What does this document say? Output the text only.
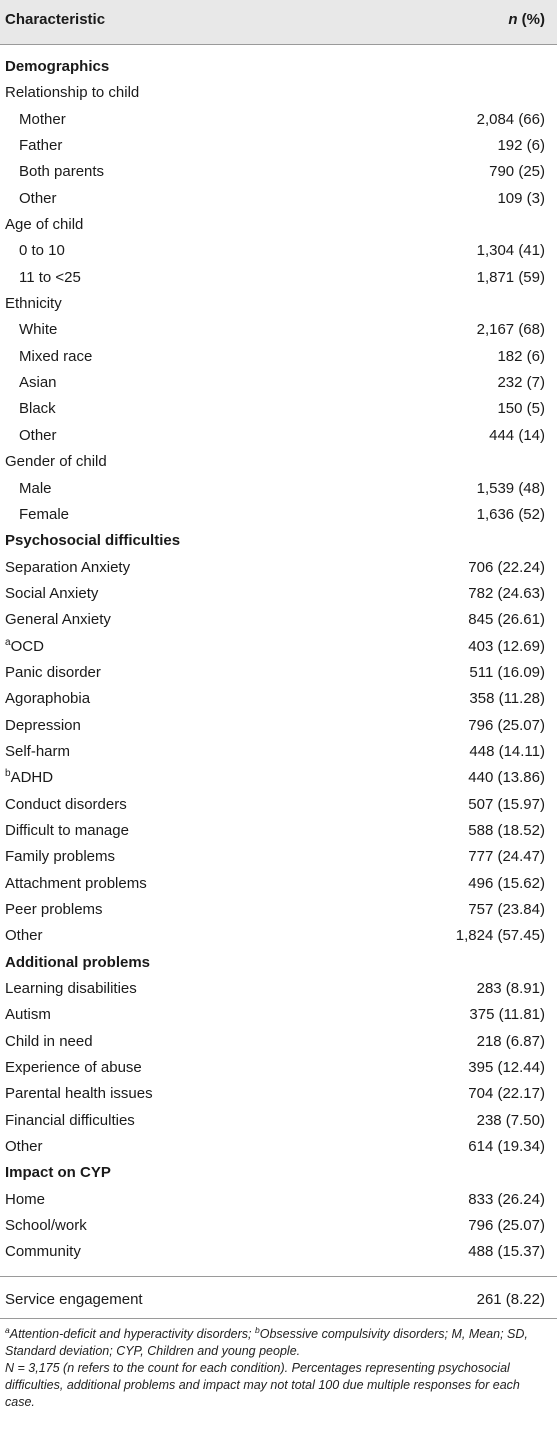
Characteristic	n (%)
Demographics
Relationship to child
Mother	2,084 (66)
Father	192 (6)
Both parents	790 (25)
Other	109 (3)
Age of child
0 to 10	1,304 (41)
11 to <25	1,871 (59)
Ethnicity
White	2,167 (68)
Mixed race	182 (6)
Asian	232 (7)
Black	150 (5)
Other	444 (14)
Gender of child
Male	1,539 (48)
Female	1,636 (52)
Psychosocial difficulties
Separation Anxiety	706 (22.24)
Social Anxiety	782 (24.63)
General Anxiety	845 (26.61)
$^a$OCD	403 (12.69)
Panic disorder	511 (16.09)
Agoraphobia	358 (11.28)
Depression	796 (25.07)
Self-harm	448 (14.11)
$^b$ADHD	440 (13.86)
Conduct disorders	507 (15.97)
Difficult to manage	588 (18.52)
Family problems	777 (24.47)
Attachment problems	496 (15.62)
Peer problems	757 (23.84)
Other	1,824 (57.45)
Additional problems
Learning disabilities	283 (8.91)
Autism	375 (11.81)
Child in need	218 (6.87)
Experience of abuse	395 (12.44)
Parental health issues	704 (22.17)
Financial difficulties	238 (7.50)
Other	614 (19.34)
Impact on CYP
Home	833 (26.24)
School/work	796 (25.07)
Community	488 (15.37)
Service engagement	261 (8.22)
$^a$Attention-deficit and hyperactivity disorders; $^b$Obsessive compulsivity disorders; M, Mean; SD, Standard deviation; CYP, Children and young people.
N = 3,175 (n refers to the count for each condition). Percentages representing psychosocial difficulties, additional problems and impact may not total 100 due multiple responses for each case.
